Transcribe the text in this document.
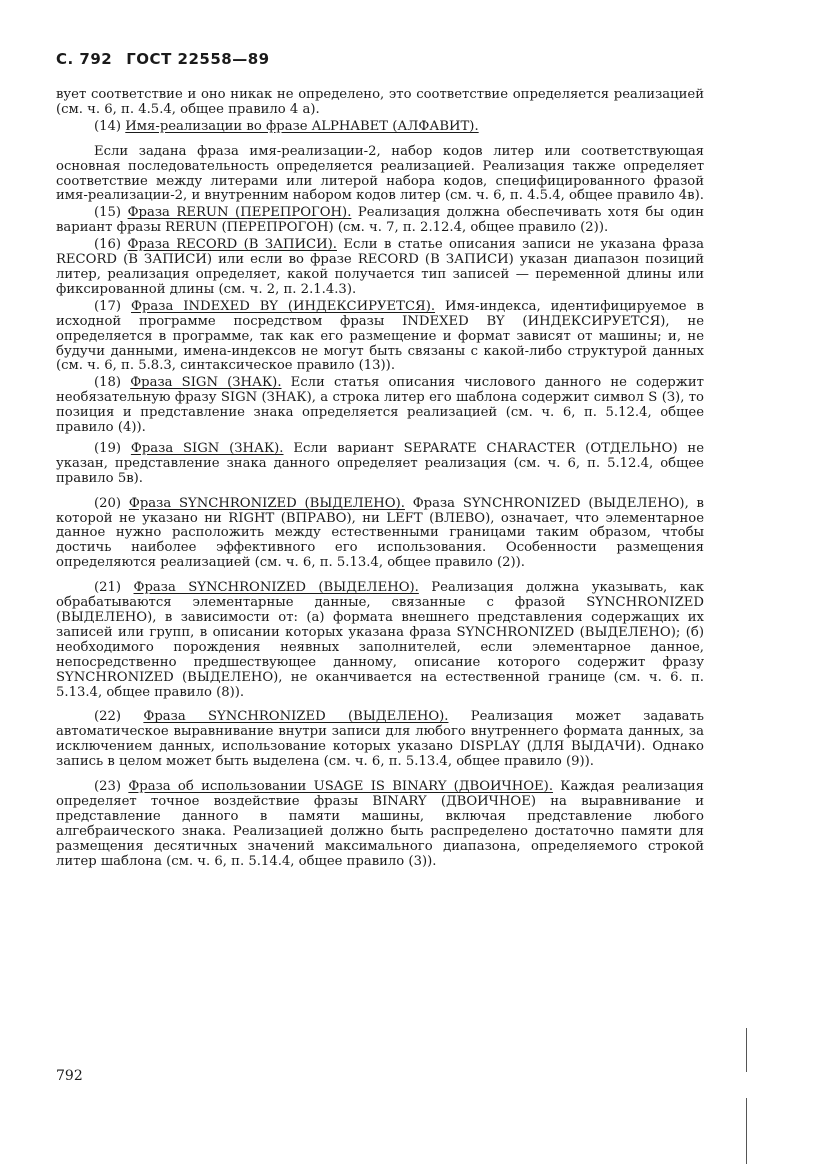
С. 792 ГОСТ 22558—89

вует соответствие и оно никак не определено, это соответствие определяется реализацией (см. ч. 6, п. 4.5.4, общее правило 4 а).

(14) Имя-реализации во фразе ALPHABET (АЛФАВИТ).

Если задана фраза имя-реализации-2, набор кодов литер или соответствующая основная последовательность определяется реализацией. Реализация также определяет соответствие между литерами или литерой набора кодов, специфицированного фразой имя-реализации-2, и внутренним набором кодов литер (см. ч. 6, п. 4.5.4, общее правило 4в).

(15) Фраза RERUN (ПЕРЕПРОГОН). Реализация должна обеспечивать хотя бы один вариант фразы RERUN (ПЕРЕПРОГОН) (см. ч. 7, п. 2.12.4, общее правило (2)).

(16) Фраза RECORD (В ЗАПИСИ). Если в статье описания записи не указана фраза RECORD (В ЗАПИСИ) или если во фразе RECORD (В ЗАПИСИ) указан диапазон позиций литер, реализация определяет, какой получается тип записей — переменной длины или фиксированной длины (см. ч. 2, п. 2.1.4.3).

(17) Фраза INDEXED BY (ИНДЕКСИРУЕТСЯ). Имя-индекса, идентифицируемое в исходной программе посредством фразы INDEXED BY (ИНДЕКСИРУЕТСЯ), не определяется в программе, так как его размещение и формат зависят от машины; и, не будучи данными, имена-индексов не могут быть связаны с какой-либо структурой данных (см. ч. 6, п. 5.8.3, синтаксическое правило (13)).

(18) Фраза SIGN (ЗНАК). Если статья описания числового данного не содержит необязательную фразу SIGN (ЗНАК), а строка литер его шаблона содержит символ S (З), то позиция и представление знака определяется реализацией (см. ч. 6, п. 5.12.4, общее правило (4)).

(19) Фраза SIGN (ЗНАК). Если вариант SEPARATE CHARACTER (ОТДЕЛЬНО) не указан, представление знака данного определяет реализация (см. ч. 6, п. 5.12.4, общее правило 5в).

(20) Фраза SYNCHRONIZED (ВЫДЕЛЕНО). Фраза SYNCHRONIZED (ВЫДЕЛЕНО), в которой не указано ни RIGHT (ВПРАВО), ни LEFT (ВЛЕВО), означает, что элементарное данное нужно расположить между естественными границами таким образом, чтобы достичь наиболее эффективного его использования. Особенности размещения определяются реализацией (см. ч. 6, п. 5.13.4, общее правило (2)).

(21) Фраза SYNCHRONIZED (ВЫДЕЛЕНО). Реализация должна указывать, как обрабатываются элементарные данные, связанные с фразой SYNCHRONIZED (ВЫДЕЛЕНО), в зависимости от: (а) формата внешнего представления содержащих их записей или групп, в описании которых указана фраза SYNCHRONIZED (ВЫДЕЛЕНО); (б) необходимого порождения неявных заполнителей, если элементарное данное, непосредственно предшествующее данному, описание которого содержит фразу SYNCHRONIZED (ВЫДЕЛЕНО), не оканчивается на естественной границе (см. ч. 6. п. 5.13.4, общее правило (8)).

(22) Фраза SYNCHRONIZED (ВЫДЕЛЕНО). Реализация может задавать автоматическое выравнивание внутри записи для любого внутреннего формата данных, за исключением данных, использование которых указано DISPLAY (ДЛЯ ВЫДАЧИ). Однако запись в целом может быть выделена (см. ч. 6, п. 5.13.4, общее правило (9)).

(23) Фраза об использовании USAGE IS BINARY (ДВОИЧНОЕ). Каждая реализация определяет точное воздействие фразы BINARY (ДВОИЧНОЕ) на выравнивание и представление данного в памяти машины, включая представление любого алгебраического знака. Реализацией должно быть распределено достаточно памяти для размещения десятичных значений максимального диапазона, определяемого строкой литер шаблона (см. ч. 6, п. 5.14.4, общее правило (3)).

792
